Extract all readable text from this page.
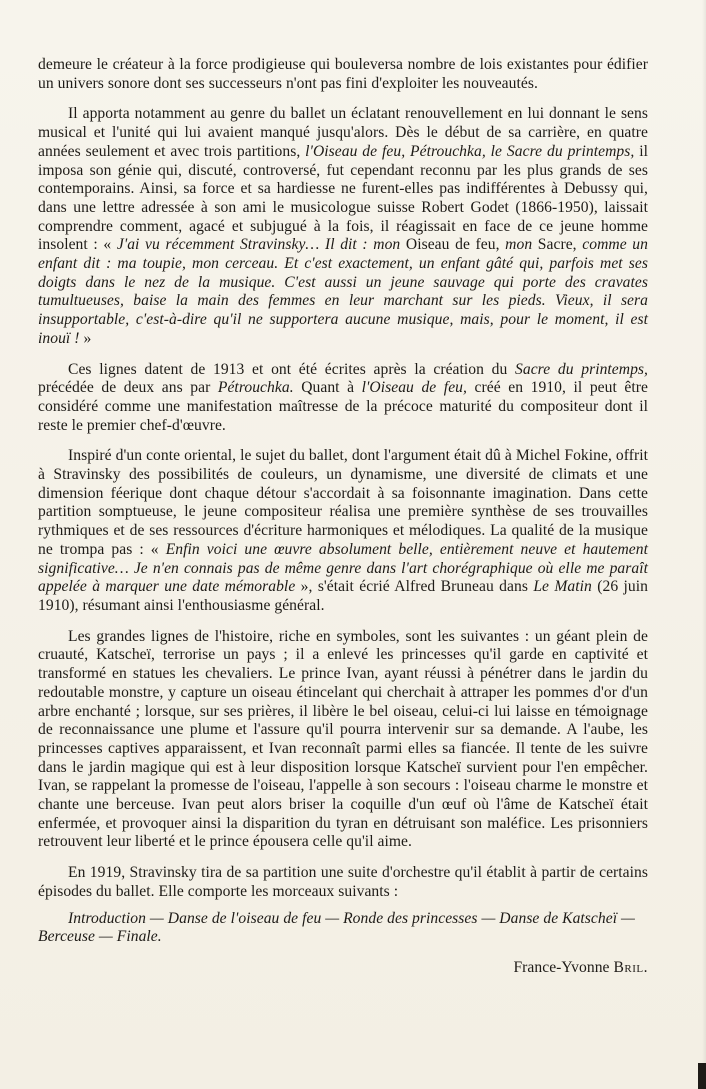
demeure le créateur à la force prodigieuse qui bouleversa nombre de lois existantes pour édifier un univers sonore dont ses successeurs n'ont pas fini d'exploiter les nouveautés.

Il apporta notamment au genre du ballet un éclatant renouvellement en lui donnant le sens musical et l'unité qui lui avaient manqué jusqu'alors. Dès le début de sa carrière, en quatre années seulement et avec trois partitions, l'Oiseau de feu, Pétrouchka, le Sacre du printemps, il imposa son génie qui, discuté, controversé, fut cependant reconnu par les plus grands de ses contemporains. Ainsi, sa force et sa hardiesse ne furent-elles pas indifférentes à Debussy qui, dans une lettre adressée à son ami le musicologue suisse Robert Godet (1866-1950), laissait comprendre comment, agacé et subjugué à la fois, il réagissait en face de ce jeune homme insolent : « J'ai vu récemment Stravinsky… Il dit : mon Oiseau de feu, mon Sacre, comme un enfant dit : ma toupie, mon cerceau. Et c'est exactement, un enfant gâté qui, parfois met ses doigts dans le nez de la musique. C'est aussi un jeune sauvage qui porte des cravates tumultueuses, baise la main des femmes en leur marchant sur les pieds. Vieux, il sera insupportable, c'est-à-dire qu'il ne supportera aucune musique, mais, pour le moment, il est inouï ! »

Ces lignes datent de 1913 et ont été écrites après la création du Sacre du printemps, précédée de deux ans par Pétrouchka. Quant à l'Oiseau de feu, créé en 1910, il peut être considéré comme une manifestation maîtresse de la précoce maturité du compositeur dont il reste le premier chef-d'œuvre.

Inspiré d'un conte oriental, le sujet du ballet, dont l'argument était dû à Michel Fokine, offrit à Stravinsky des possibilités de couleurs, un dynamisme, une diversité de climats et une dimension féerique dont chaque détour s'accordait à sa foisonnante imagination. Dans cette partition somptueuse, le jeune compositeur réalisa une première synthèse de ses trouvailles rythmiques et de ses ressources d'écriture harmoniques et mélodiques. La qualité de la musique ne trompa pas : « Enfin voici une œuvre absolument belle, entièrement neuve et hautement significative… Je n'en connais pas de même genre dans l'art chorégraphique où elle me paraît appelée à marquer une date mémorable », s'était écrié Alfred Bruneau dans Le Matin (26 juin 1910), résumant ainsi l'enthousiasme général.

Les grandes lignes de l'histoire, riche en symboles, sont les suivantes : un géant plein de cruauté, Katscheï, terrorise un pays ; il a enlevé les princesses qu'il garde en captivité et transformé en statues les chevaliers. Le prince Ivan, ayant réussi à pénétrer dans le jardin du redoutable monstre, y capture un oiseau étincelant qui cherchait à attraper les pommes d'or d'un arbre enchanté ; lorsque, sur ses prières, il libère le bel oiseau, celui-ci lui laisse en témoignage de reconnaissance une plume et l'assure qu'il pourra intervenir sur sa demande. A l'aube, les princesses captives apparaissent, et Ivan reconnaît parmi elles sa fiancée. Il tente de les suivre dans le jardin magique qui est à leur disposition lorsque Katscheï survient pour l'en empêcher. Ivan, se rappelant la promesse de l'oiseau, l'appelle à son secours : l'oiseau charme le monstre et chante une berceuse. Ivan peut alors briser la coquille d'un œuf où l'âme de Katscheï était enfermée, et provoquer ainsi la disparition du tyran en détruisant son maléfice. Les prisonniers retrouvent leur liberté et le prince épousera celle qu'il aime.

En 1919, Stravinsky tira de sa partition une suite d'orchestre qu'il établit à partir de certains épisodes du ballet. Elle comporte les morceaux suivants :

Introduction — Danse de l'oiseau de feu — Ronde des princesses — Danse de Katscheï — Berceuse — Finale.

France-Yvonne Bril.
